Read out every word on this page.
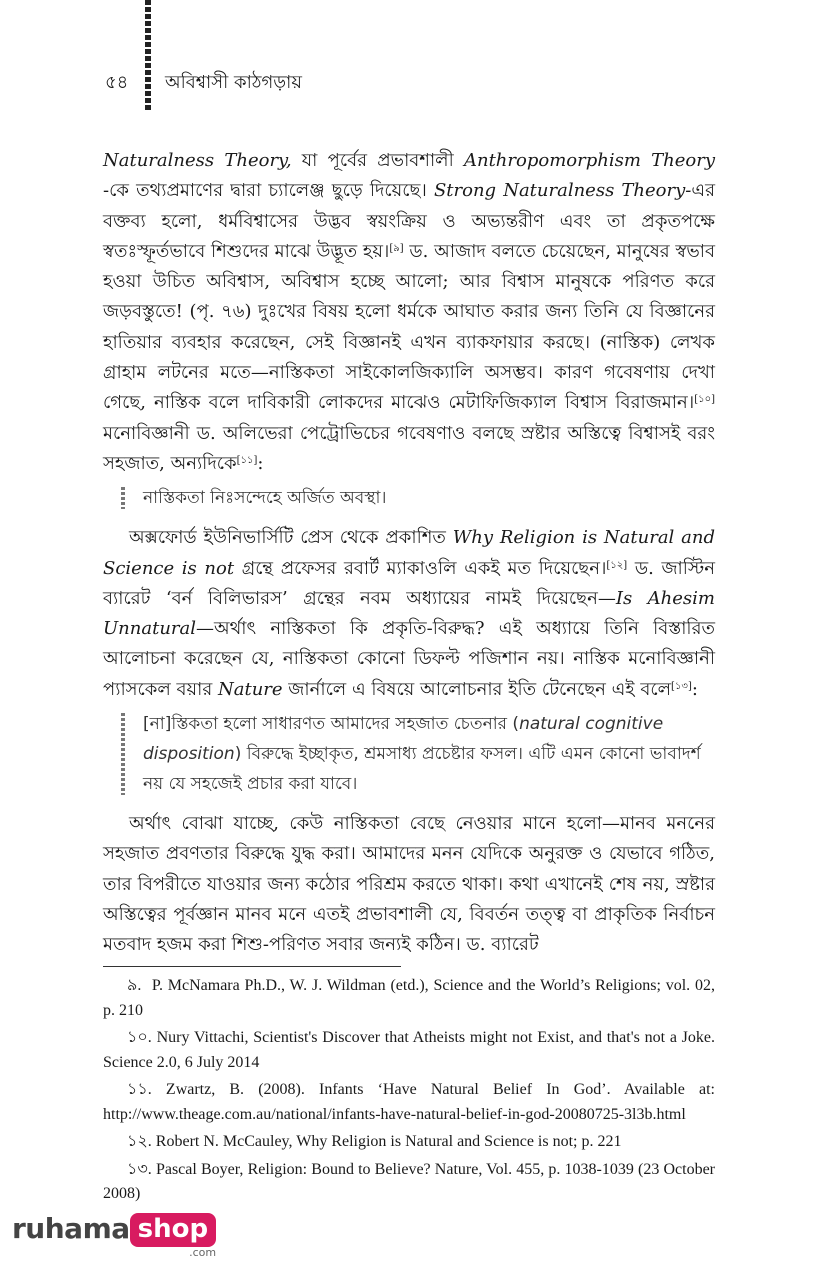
৫৪	অবিশ্বাসী কাঠগড়ায়

Naturalness Theory, যা পূর্বের প্রভাবশালী Anthropomorphism Theory -কে তথ্যপ্রমাণের দ্বারা চ্যালেঞ্জ ছুড়ে দিয়েছে। Strong Naturalness Theory-এর বক্তব্য হলো, ধর্মবিশ্বাসের উদ্ভব স্বয়ংক্রিয় ও অভ্যন্তরীণ এবং তা প্রকৃতপক্ষে স্বতঃস্ফূর্তভাবে শিশুদের মাঝে উদ্ভূত হয়।[৯] ড. আজাদ বলতে চেয়েছেন, মানুষের স্বভাব হওয়া উচিত অবিশ্বাস, অবিশ্বাস হচ্ছে আলো; আর বিশ্বাস মানুষকে পরিণত করে জড়বস্তুতে! (পৃ. ৭৬) দুঃখের বিষয় হলো ধর্মকে আঘাত করার জন্য তিনি যে বিজ্ঞানের হাতিয়ার ব্যবহার করেছেন, সেই বিজ্ঞানই এখন ব্যাকফায়ার করছে। (নাস্তিক) লেখক গ্রাহাম লটনের মতে—নাস্তিকতা সাইকোলজিক্যালি অসম্ভব। কারণ গবেষণায় দেখা গেছে, নাস্তিক বলে দাবিকারী লোকদের মাঝেও মেটাফিজিক্যাল বিশ্বাস বিরাজমান।[১০] মনোবিজ্ঞানী ড. অলিভেরা পেট্রোভিচের গবেষণাও বলছে স্রষ্টার অস্তিত্বে বিশ্বাসই বরং সহজাত, অন্যদিকে[১১]:

নাস্তিকতা নিঃসন্দেহে অর্জিত অবস্থা।

অক্সফোর্ড ইউনিভার্সিটি প্রেস থেকে প্রকাশিত Why Religion is Natural and Science is not গ্রন্থে প্রফেসর রবার্ট ম্যাকাওলি একই মত দিয়েছেন।[১২] ড. জাস্টিন ব্যারেট ‘বর্ন বিলিভারস’ গ্রন্থের নবম অধ্যায়ের নামই দিয়েছেন—Is Ahesim Unnatural—অর্থাৎ নাস্তিকতা কি প্রকৃতি-বিরুদ্ধ? এই অধ্যায়ে তিনি বিস্তারিত আলোচনা করেছেন যে, নাস্তিকতা কোনো ডিফল্ট পজিশান নয়। নাস্তিক মনোবিজ্ঞানী প্যাসকেল বয়ার Nature জার্নালে এ বিষয়ে আলোচনার ইতি টেনেছেন এই বলে[১৩]:

[না]স্তিকতা হলো সাধারণত আমাদের সহজাত চেতনার (natural cognitive disposition) বিরুদ্ধে ইচ্ছাকৃত, শ্রমসাধ্য প্রচেষ্টার ফসল। এটি এমন কোনো ভাবাদর্শ নয় যে সহজেই প্রচার করা যাবে।

অর্থাৎ বোঝা যাচ্ছে, কেউ নাস্তিকতা বেছে নেওয়ার মানে হলো—মানব মননের সহজাত প্রবণতার বিরুদ্ধে যুদ্ধ করা। আমাদের মনন যেদিকে অনুরক্ত ও যেভাবে গঠিত, তার বিপরীতে যাওয়ার জন্য কঠোর পরিশ্রম করতে থাকা। কথা এখানেই শেষ নয়, স্রষ্টার অস্তিত্বের পূর্বজ্ঞান মানব মনে এতই প্রভাবশালী যে, বিবর্তন তত্ত্ব বা প্রাকৃতিক নির্বাচন মতবাদ হজম করা শিশু-পরিণত সবার জন্যই কঠিন। ড. ব্যারেট

৯. P. McNamara Ph.D., W. J. Wildman (etd.), Science and the World’s Religions; vol. 02, p. 210

১০. Nury Vittachi, Scientist's Discover that Atheists might not Exist, and that's not a Joke. Science 2.0, 6 July 2014

১১. Zwartz, B. (2008). Infants ‘Have Natural Belief In God’. Available at: http://www.theage.com.au/national/infants-have-natural-belief-in-god-20080725-3l3b.html

১২. Robert N. McCauley, Why Religion is Natural and Science is not; p. 221

১৩. Pascal Boyer, Religion: Bound to Believe? Nature, Vol. 455, p. 1038-1039 (23 October 2008)

ruhama shop
.com
